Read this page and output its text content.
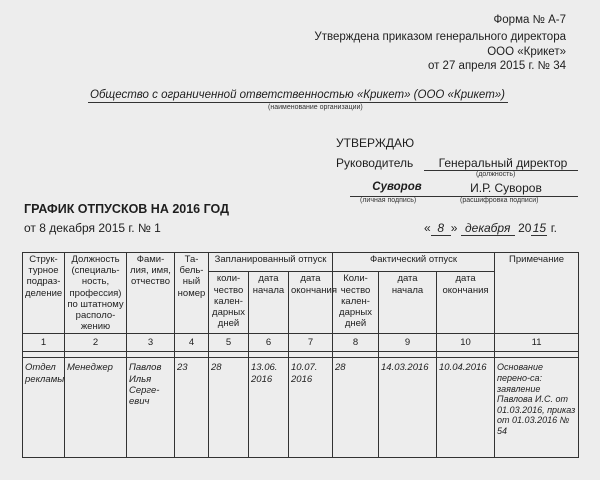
Форма № А-7
Утверждена приказом генерального директора
ООО «Крикет»
от 27 апреля 2015 г. № 34
Общество с ограниченной ответственностью «Крикет» (ООО «Крикет»)
(наименование организации)
УТВЕРЖДАЮ
Руководитель	Генеральный директор
(должность)
Суворов
(личная подпись)
И.Р. Суворов
(расшифровка подписи)
ГРАФИК ОТПУСКОВ НА 2016 ГОД
от 8 декабря 2015 г. № 1	« 8 » декабря 2015 г.
Струк-турное подраз-деление	Должность (специаль-ность, профессия) по штатному располо-жению	Фами-лия, имя, отчество	Та-бель-ный номер	Запланированный отпуск			Фактический отпуск			Примечание
				коли-чество кален-дарных дней	дата начала	дата окончания	Коли-чество кален-дарных дней	дата начала	дата окончания	
1	2	3	4	5	6	7	8	9	10	11

Отдел рекламы	Менеджер	Павлов Илья Серге-евич	23	28	13.06. 2016	10.07. 2016	28	14.03.2016	10.04.2016	Основание перено-са: заявление Павлова И.С. от 01.03.2016, приказ от 01.03.2016 № 54
